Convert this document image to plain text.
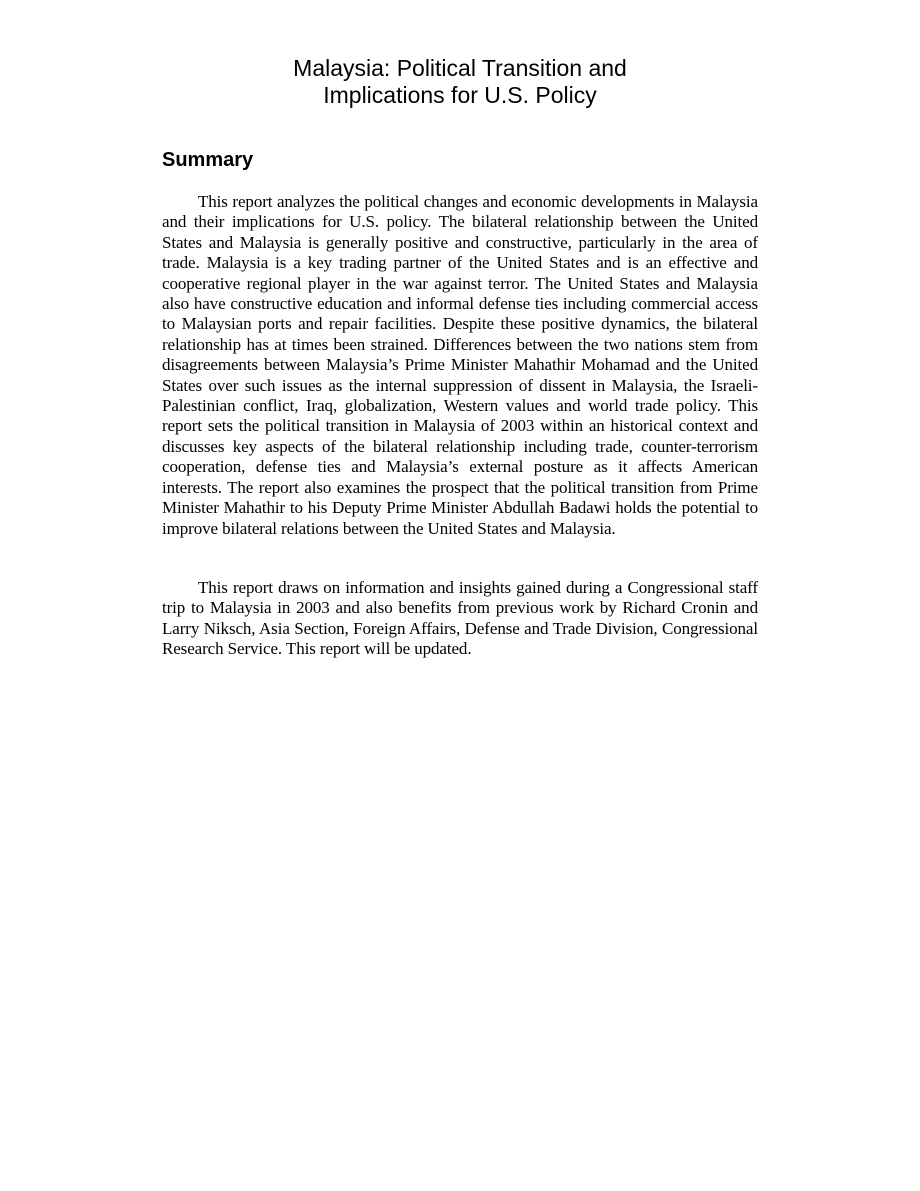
Malaysia: Political Transition and
Implications for U.S. Policy
Summary

This report analyzes the political changes and economic developments in Malaysia and their implications for U.S. policy. The bilateral relationship between the United States and Malaysia is generally positive and constructive, particularly in the area of trade. Malaysia is a key trading partner of the United States and is an effective and cooperative regional player in the war against terror. The United States and Malaysia also have constructive education and informal defense ties including commercial access to Malaysian ports and repair facilities. Despite these positive dynamics, the bilateral relationship has at times been strained. Differences between the two nations stem from disagreements between Malaysia’s Prime Minister Mahathir Mohamad and the United States over such issues as the internal suppression of dissent in Malaysia, the Israeli-Palestinian conflict, Iraq, globalization, Western values and world trade policy. This report sets the political transition in Malaysia of 2003 within an historical context and discusses key aspects of the bilateral relationship including trade, counter-terrorism cooperation, defense ties and Malaysia’s external posture as it affects American interests. The report also examines the prospect that the political transition from Prime Minister Mahathir to his Deputy Prime Minister Abdullah Badawi holds the potential to improve bilateral relations between the United States and Malaysia.

This report draws on information and insights gained during a Congressional staff trip to Malaysia in 2003 and also benefits from previous work by Richard Cronin and Larry Niksch, Asia Section, Foreign Affairs, Defense and Trade Division, Congressional Research Service. This report will be updated.
